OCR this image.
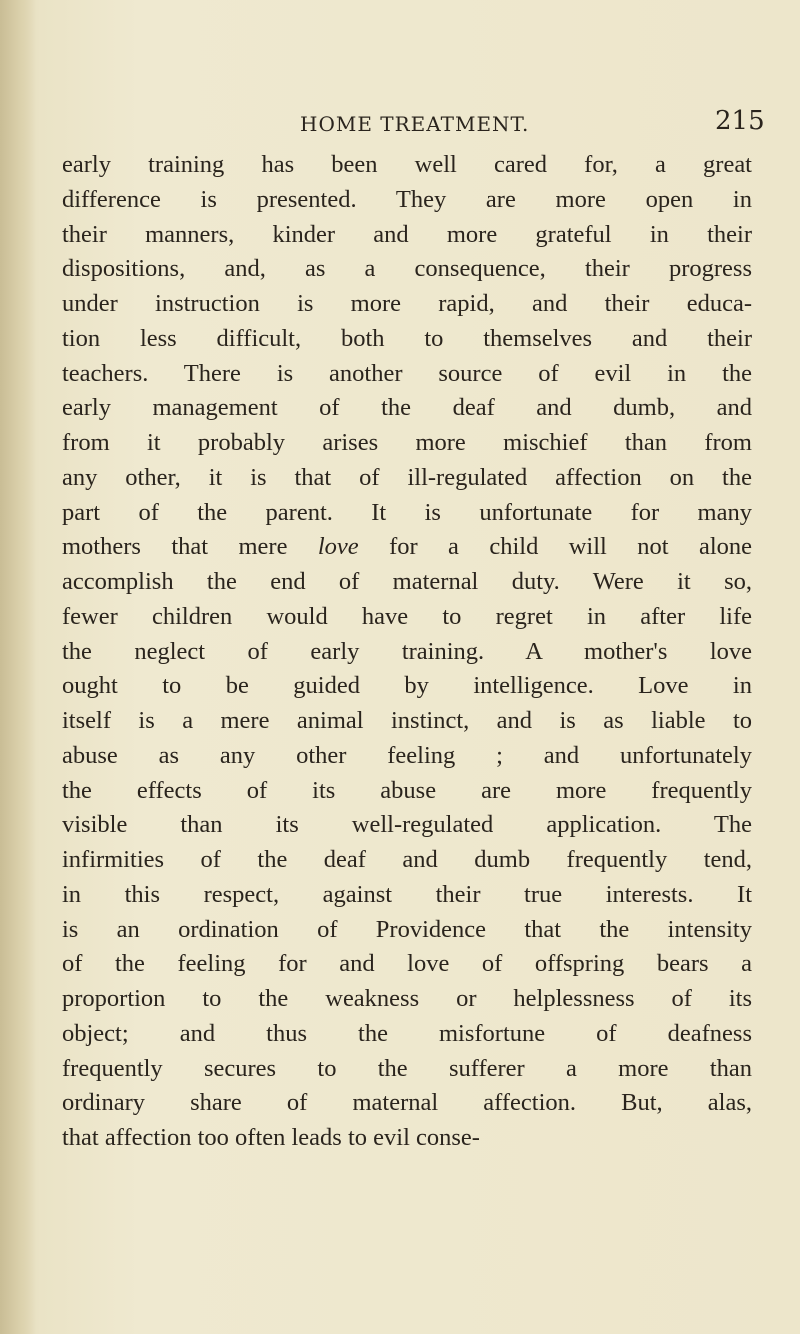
HOME TREATMENT.	215
early training has been well cared for, a great
difference is presented. They are more open in
their manners, kinder and more grateful in their
dispositions, and, as a consequence, their progress
under instruction is more rapid, and their educa-
tion less difficult, both to themselves and their
teachers. There is another source of evil in the
early management of the deaf and dumb, and
from it probably arises more mischief than from
any other, it is that of ill-regulated affection on the
part of the parent. It is unfortunate for many
mothers that mere love for a child will not alone
accomplish the end of maternal duty. Were it so,
fewer children would have to regret in after life
the neglect of early training. A mother's love
ought to be guided by intelligence. Love in
itself is a mere animal instinct, and is as liable to
abuse as any other feeling ; and unfortunately
the effects of its abuse are more frequently
visible than its well-regulated application. The
infirmities of the deaf and dumb frequently tend,
in this respect, against their true interests. It
is an ordination of Providence that the intensity
of the feeling for and love of offspring bears a
proportion to the weakness or helplessness of its
object; and thus the misfortune of deafness
frequently secures to the sufferer a more than
ordinary share of maternal affection. But, alas,
that affection too often leads to evil conse-
